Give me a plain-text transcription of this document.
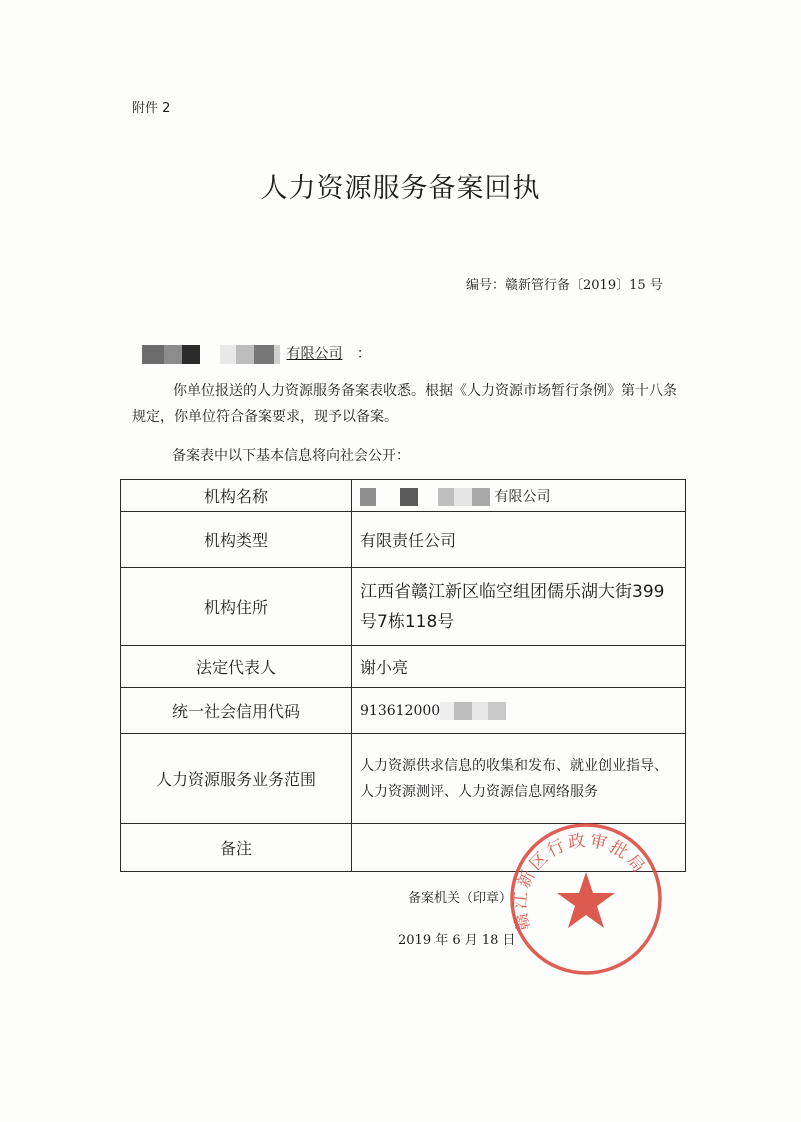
附件 2
人力资源服务备案回执
编号：赣新管行备〔2019〕15 号
有限公司 ：
你单位报送的人力资源服务备案表收悉。根据《人力资源市场暂行条例》第十八条规定，你单位符合备案要求，现予以备案。
备案表中以下基本信息将向社会公开：
机构名称	有限公司
机构类型	有限责任公司
机构住所	江西省赣江新区临空组团儒乐湖大街399号7栋118号
法定代表人	谢小亮
统一社会信用代码	913612000
人力资源服务业务范围	人力资源供求信息的收集和发布、就业创业指导、人力资源测评、人力资源信息网络服务
备注	
备案机关（印章）
2019 年 6 月 18 日
赣江新区行政审批局
